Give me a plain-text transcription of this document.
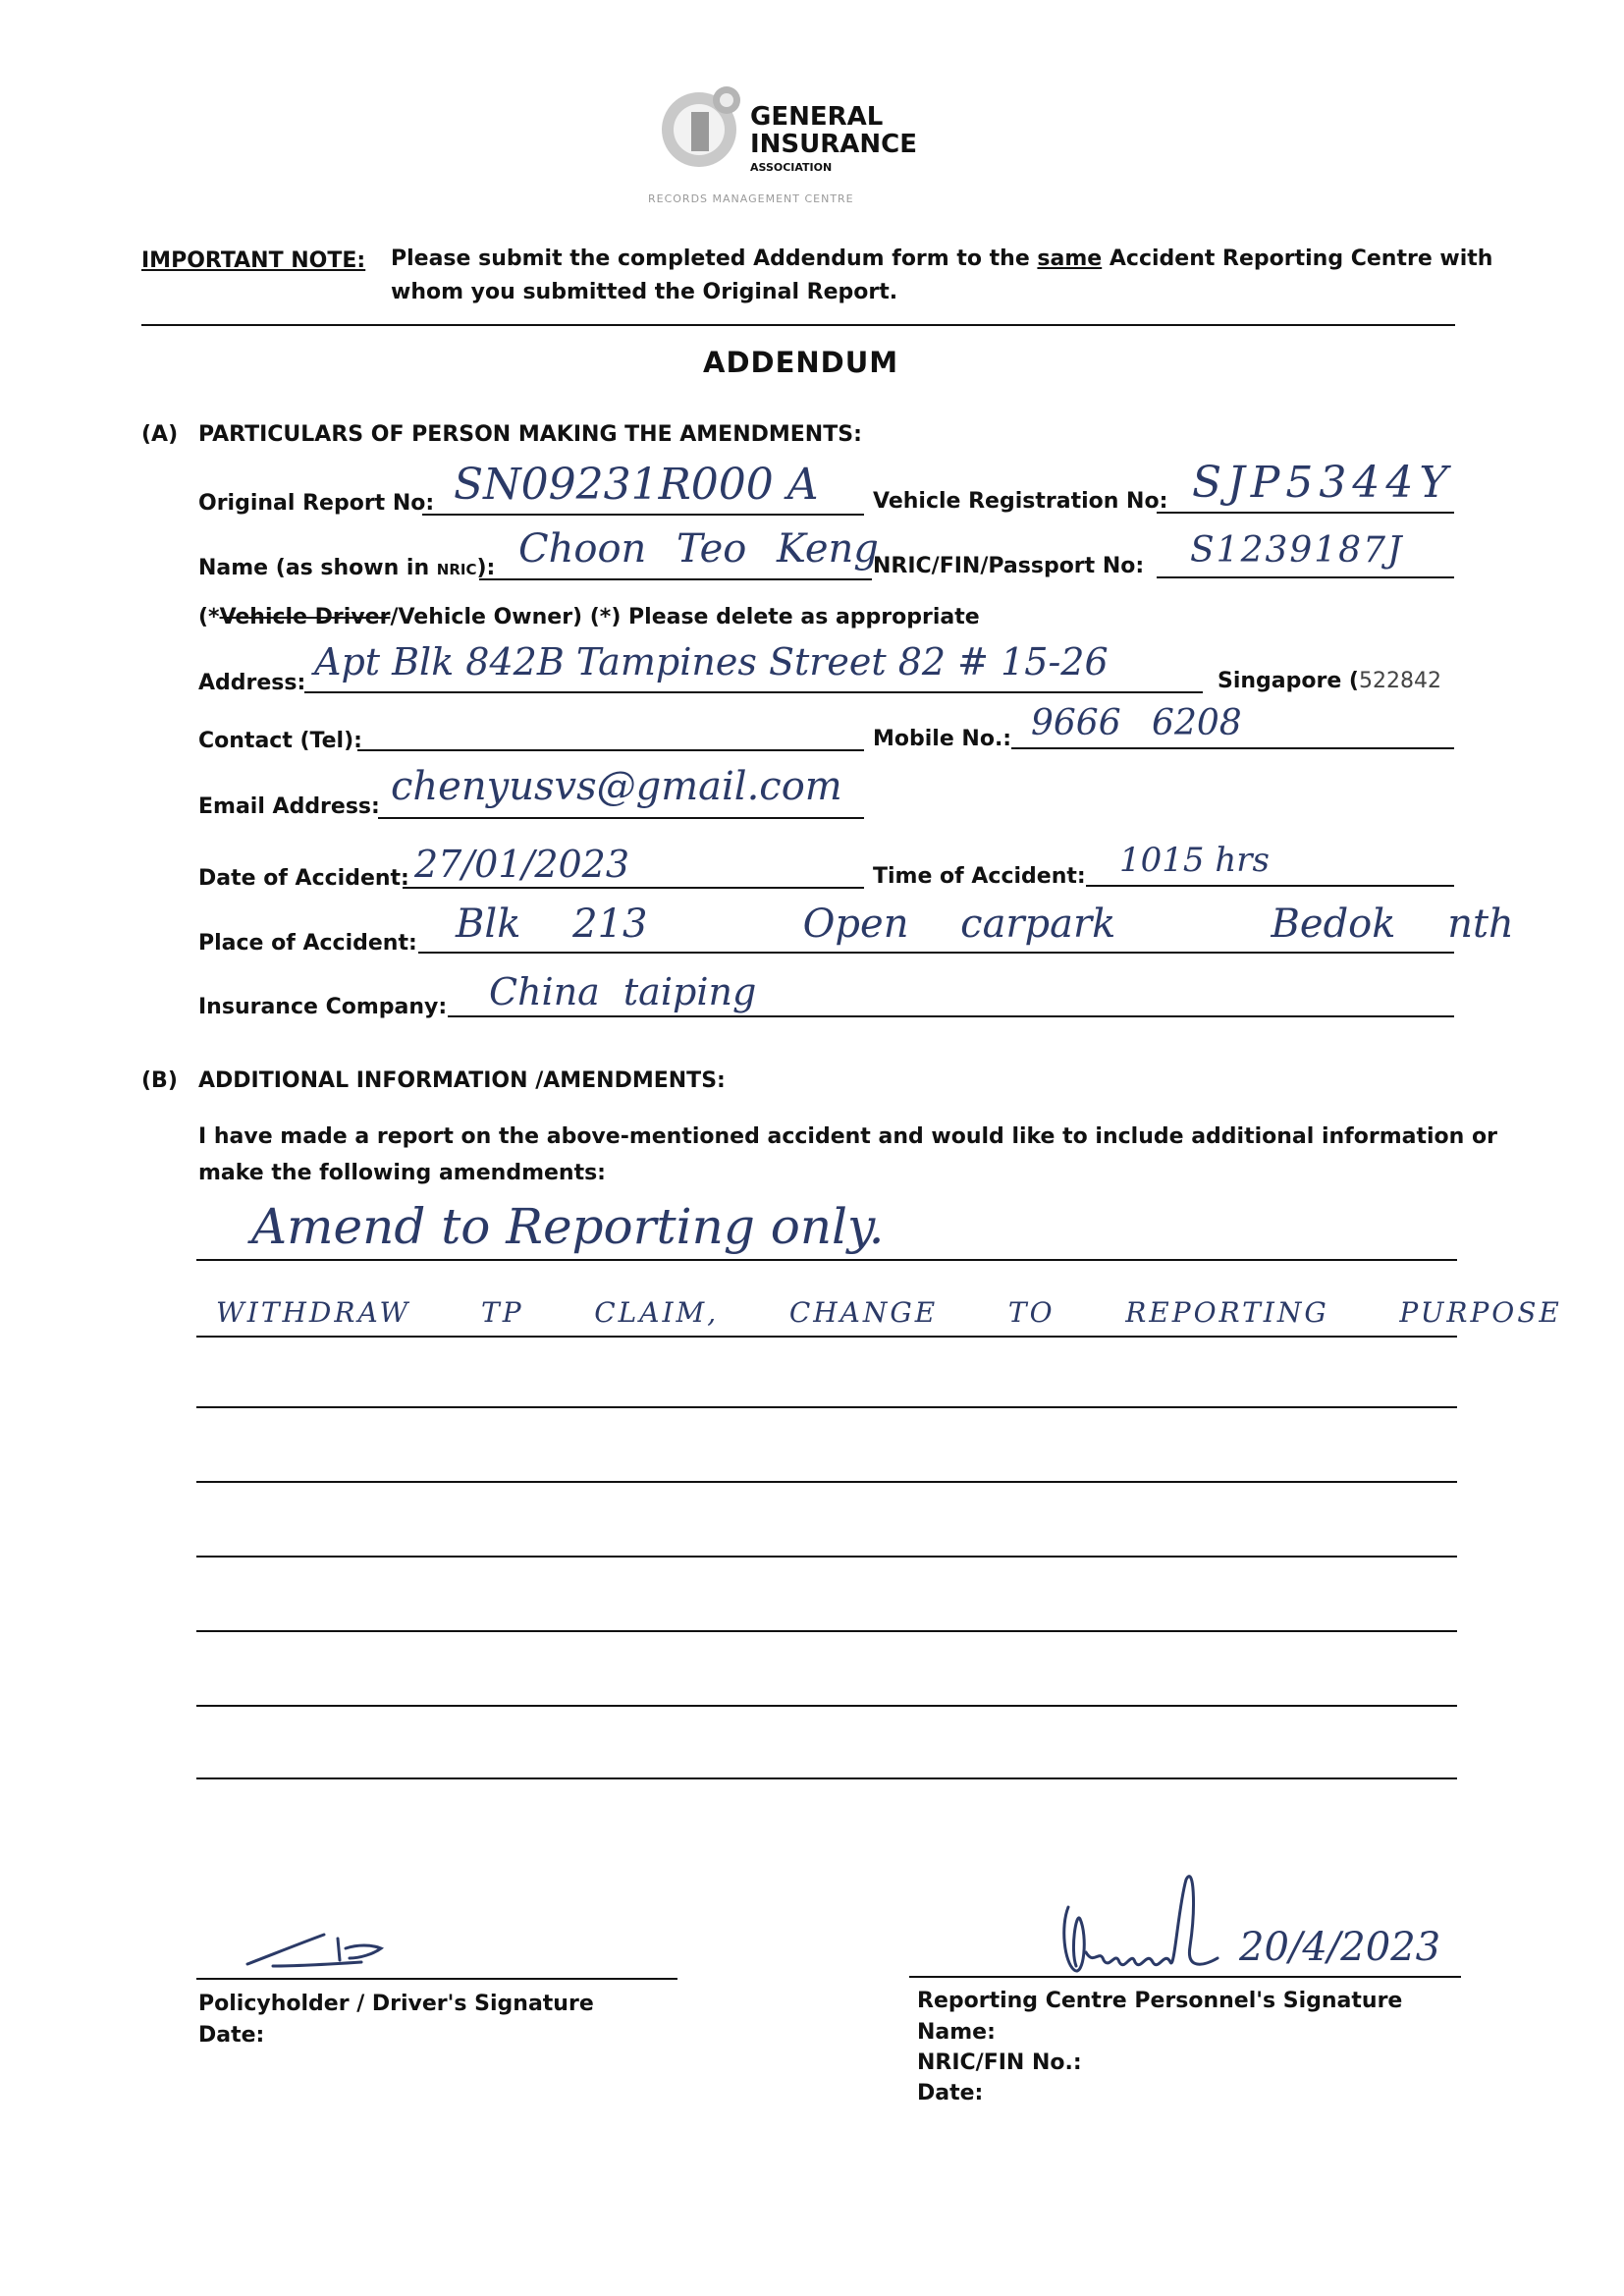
GENERAL
INSURANCE
ASSOCIATION
RECORDS MANAGEMENT CENTRE
IMPORTANT NOTE: Please submit the completed Addendum form to the same Accident Reporting Centre with
whom you submitted the Original Report.
ADDENDUM
(A) PARTICULARS OF PERSON MAKING THE AMENDMENTS:
Original Report No: SN09231R000 A	Vehicle Registration No: SJP5344Y
Name (as shown in NRIC): Choon Teo Keng
NRIC/FIN/Passport No: S1239187J
(*Vehicle Driver/Vehicle Owner) (*) Please delete as appropriate
Address: Apt Blk 842B Tampines Street 82 # 15-26	Singapore (522842
Contact (Tel):	Mobile No.: 9666 6208
Email Address: chenyusvs@gmail.com
Date of Accident: 27/01/2023	Time of Accident: 1015 hrs
Place of Accident: Blk 213   Open carpark   Bedok nth
Insurance Company: China taiping
(B) ADDITIONAL INFORMATION /AMENDMENTS:
I have made a report on the above-mentioned accident and would like to include additional information or
make the following amendments:
Amend to Reporting only.
WITHDRAW   TP   CLAIM,   CHANGE   TO   REPORTING   PURPOSE
Policyholder / Driver's Signature
Date:
20/4/2023
Reporting Centre Personnel's Signature
Name:
NRIC/FIN No.:
Date:
